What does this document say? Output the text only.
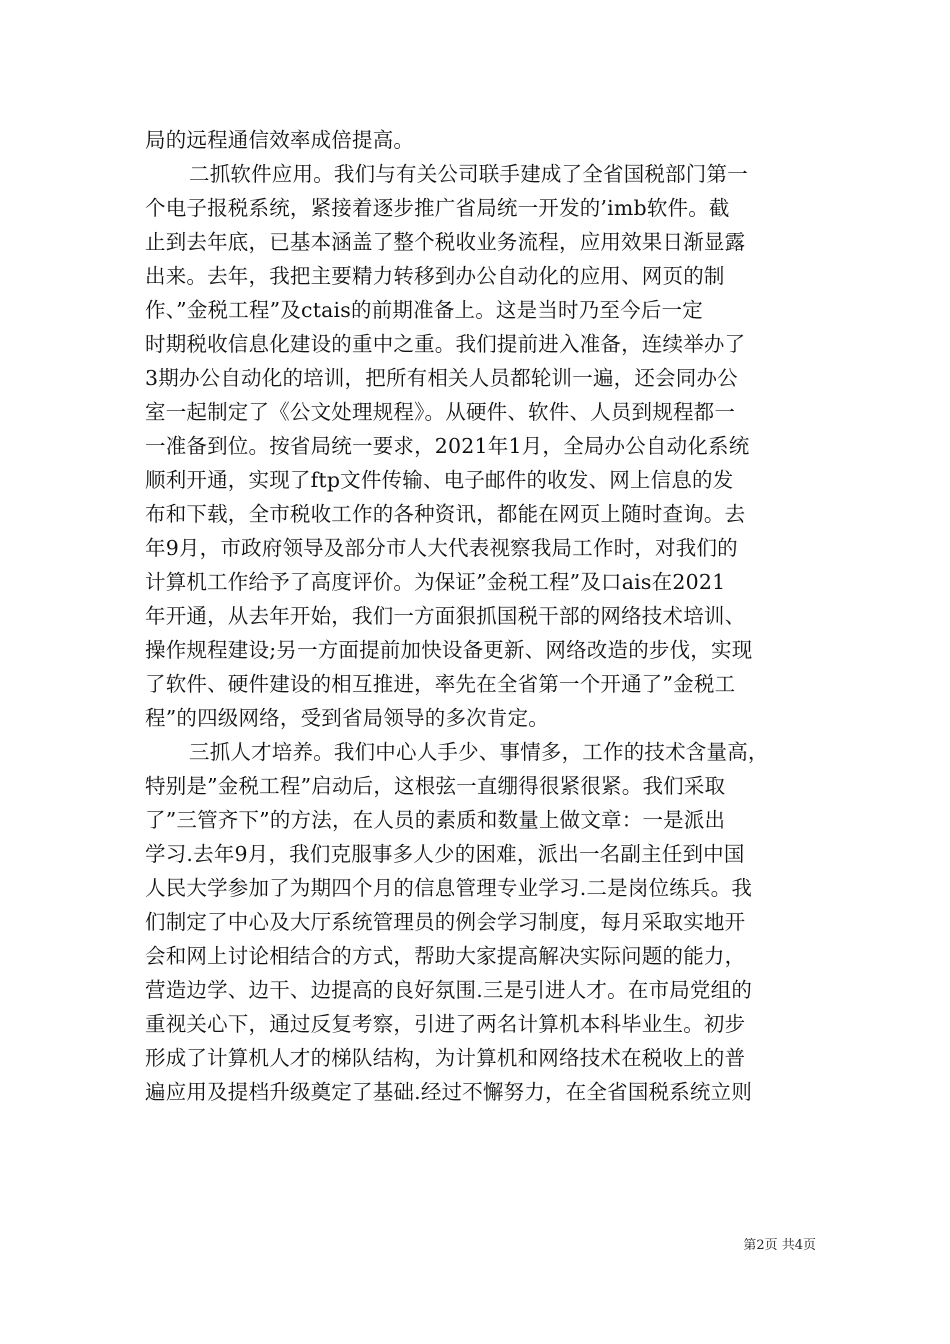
局的远程通信效率成倍提高。
二抓软件应用。我们与有关公司联手建成了全省国税部门第一
个电子报税系统，紧接着逐步推广省局统一开发的’imb软件。截
止到去年底，已基本涵盖了整个税收业务流程，应用效果日渐显露
出来。去年，我把主要精力转移到办公自动化的应用、网页的制
作、”金税工程”及ctais的前期准备上。这是当时乃至今后一定
时期税收信息化建设的重中之重。我们提前进入准备，连续举办了
3期办公自动化的培训，把所有相关人员都轮训一遍，还会同办公
室一起制定了《公文处理规程》。从硬件、软件、人员到规程都一
一准备到位。按省局统一要求，2021年1月，全局办公自动化系统
顺利开通，实现了ftp文件传输、电子邮件的收发、网上信息的发
布和下载，全市税收工作的各种资讯，都能在网页上随时查询。去
年9月，市政府领导及部分市人大代表视察我局工作时，对我们的
计算机工作给予了高度评价。为保证”金税工程”及口ais在2021
年开通，从去年开始，我们一方面狠抓国税干部的网络技术培训、
操作规程建设;另一方面提前加快设备更新、网络改造的步伐，实现
了软件、硬件建设的相互推进，率先在全省第一个开通了”金税工
程”的四级网络，受到省局领导的多次肯定。
三抓人才培养。我们中心人手少、事情多，工作的技术含量高，
特别是”金税工程”启动后，这根弦一直绷得很紧很紧。我们采取
了”三管齐下”的方法，在人员的素质和数量上做文章：一是派出
学习.去年9月，我们克服事多人少的困难，派出一名副主任到中国
人民大学参加了为期四个月的信息管理专业学习.二是岗位练兵。我
们制定了中心及大厅系统管理员的例会学习制度，每月采取实地开
会和网上讨论相结合的方式，帮助大家提高解决实际问题的能力，
营造边学、边干、边提高的良好氛围.三是引进人才。在市局党组的
重视关心下，通过反复考察，引进了两名计算机本科毕业生。初步
形成了计算机人才的梯队结构，为计算机和网络技术在税收上的普
遍应用及提档升级奠定了基础.经过不懈努力，在全省国税系统立则
第2页 共4页
